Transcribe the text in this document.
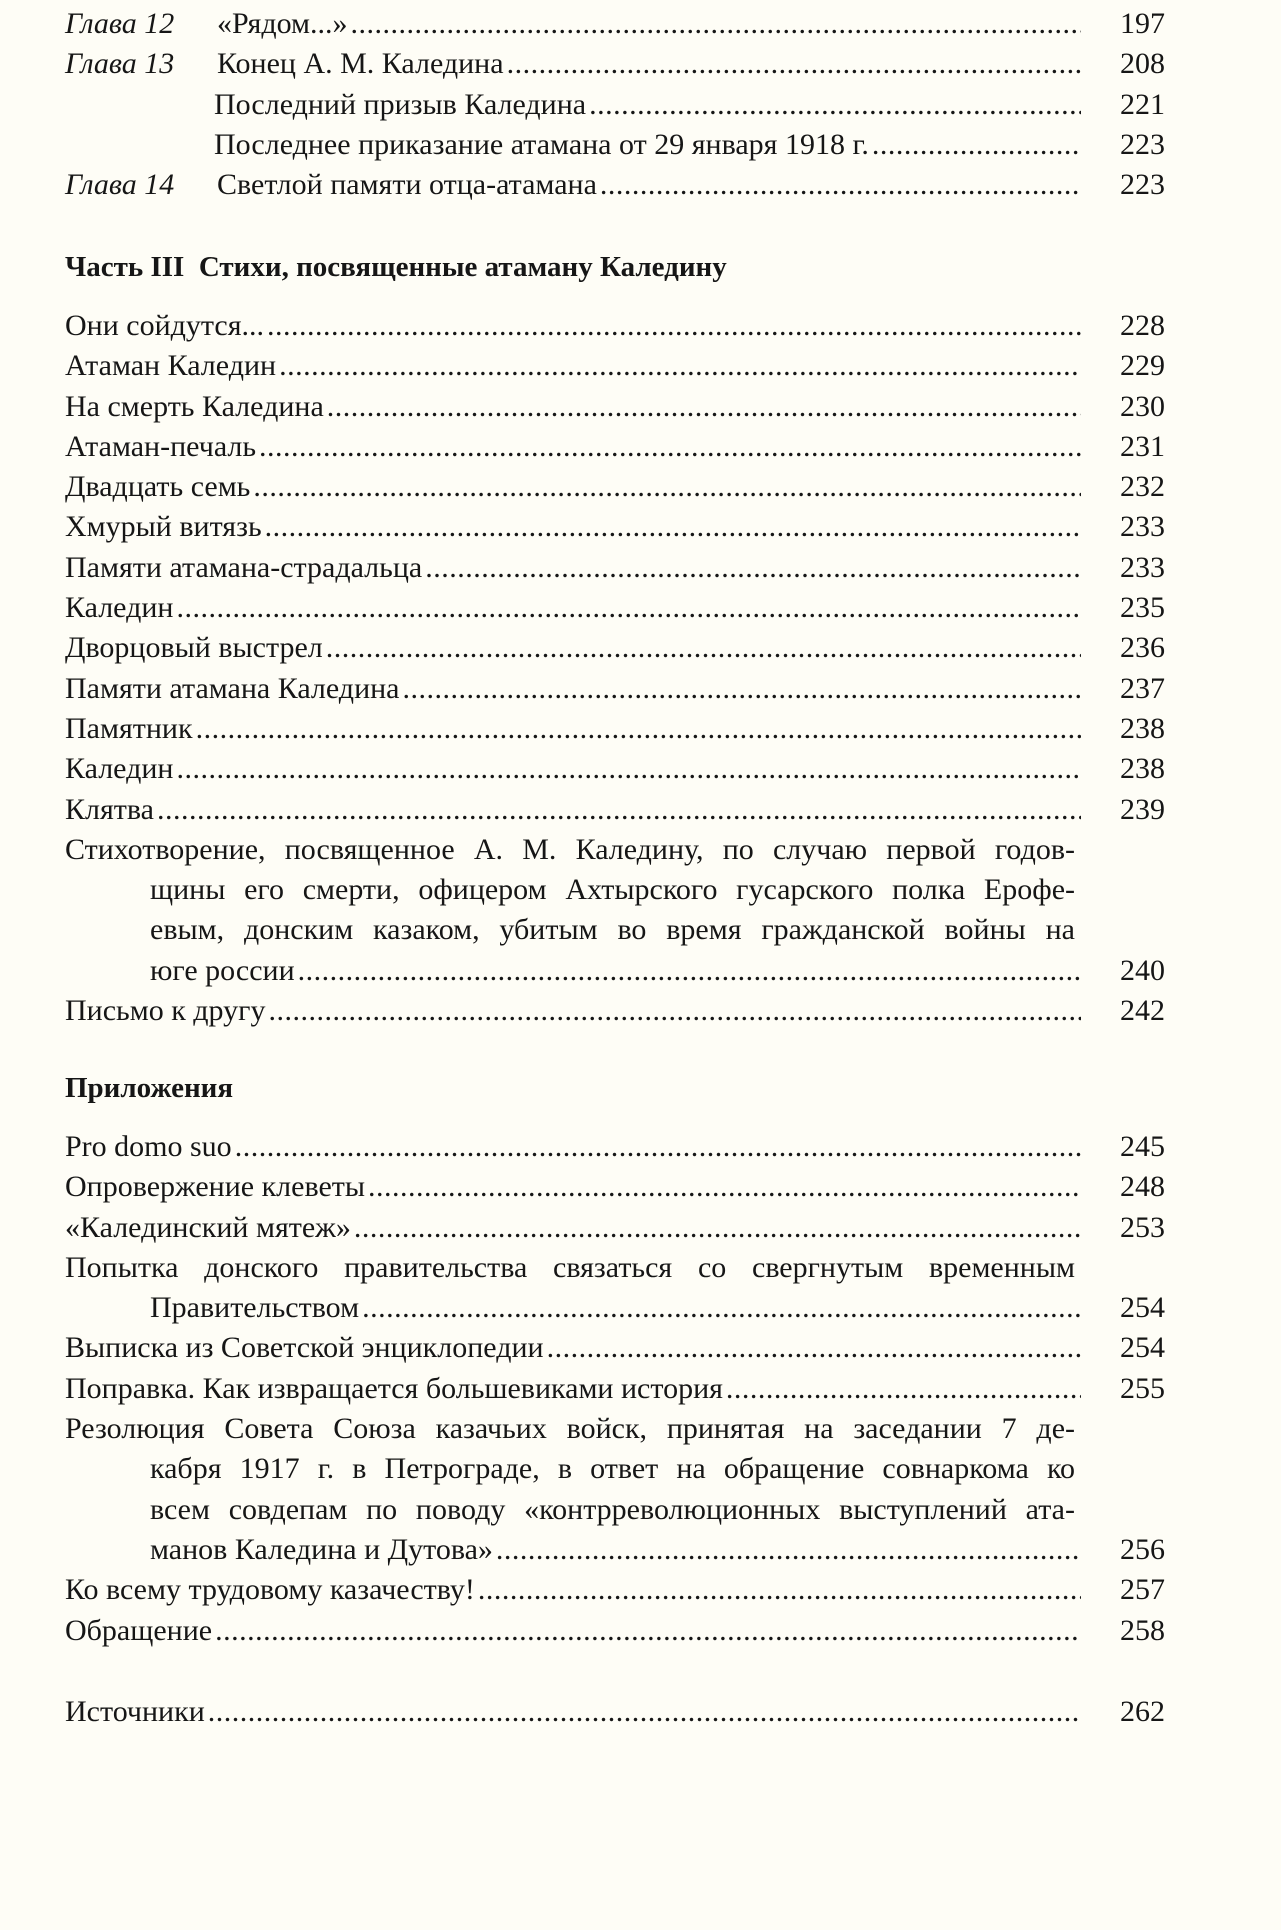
Глава 12	«Рядом...» .....	197
Глава 13	Конец А. М. Каледина .....	208
Последний призыв Каледина .....	221
Последнее приказание атамана от 29 января 1918 г. .....	223
Глава 14	Светлой памяти отца-атамана .....	223
Часть III  Стихи, посвященные атаману Каледину
Они сойдутся... .....	228
Атаман Каледин .....	229
На смерть Каледина .....	230
Атаман-печаль .....	231
Двадцать семь .....	232
Хмурый витязь .....	233
Памяти атамана-страдальца .....	233
Каледин .....	235
Дворцовый выстрел .....	236
Памяти атамана Каледина .....	237
Памятник .....	238
Каледин .....	238
Клятва .....	239
Стихотворение, посвященное А. М. Каледину, по случаю первой годов-
щины его смерти, офицером Ахтырского гусарского полка Ерофе-
евым, донским казаком, убитым во время гражданской войны на
юге россии .....	240
Письмо к другу .....	242
Приложения
Pro domo suo .....	245
Опровержение клеветы .....	248
«Калединский мятеж» .....	253
Попытка донского правительства связаться со свергнутым временным
Правительством .....	254
Выписка из Советской энциклопедии .....	254
Поправка. Как извращается большевиками история .....	255
Резолюция Совета Союза казачьих войск, принятая на заседании 7 де-
кабря 1917 г. в Петрограде, в ответ на обращение совнаркома ко
всем совдепам по поводу «контрреволюционных выступлений ата-
манов Каледина и Дутова» .....	256
Ко всему трудовому казачеству! .....	257
Обращение .....	258
Источники .....	262
